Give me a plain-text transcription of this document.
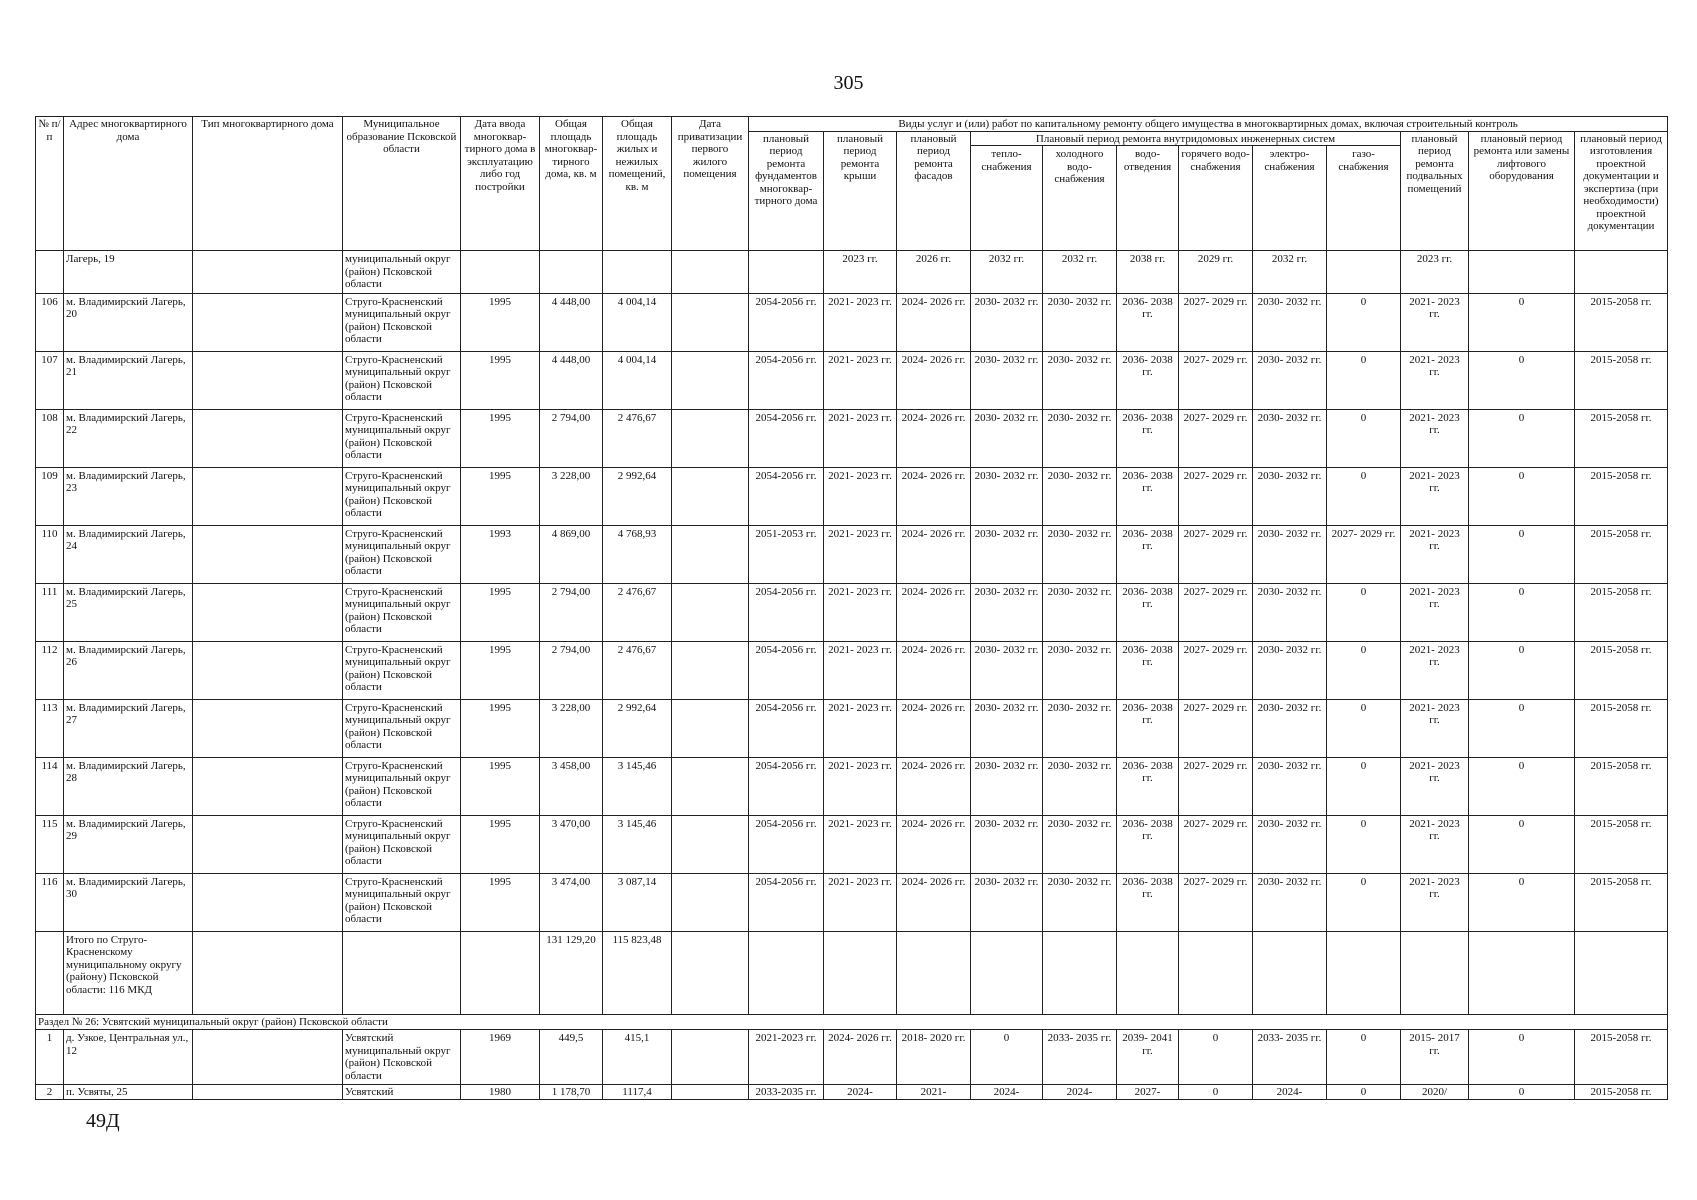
305
№ п/п	Адрес многоквартирного дома	Тип многоквартирного дома	Муниципальное образование Псковской области	Дата ввода многоквар- тирного дома в эксплуатацию либо год постройки	Общая площадь многоквар- тирного дома, кв. м	Общая площадь жилых и нежилых помещений, кв. м	Дата приватизации первого жилого помещения	Виды услуг и (или) работ по капитальному ремонту общего имущества в многоквартирных домах, включая строительный контроль											
								плановый период ремонта фундаментов многоквар- тирного дома	плановый период ремонта крыши	плановый период ремонта фасадов	Плановый период ремонта внутридомовых инженерных систем						плановый период ремонта подвальных помещений	плановый период ремонта или замены лифтового оборудования	плановый период изготовления проектной документации и экспертиза (при необходимости) проектной документации
											тепло- снабжения	холодного водо- снабжения	водо- отведения	горячего водо- снабжения	электро- снабжения	газо- снабжения			
	Лагерь, 19		муниципальный округ (район) Псковской области						2023 гг.	2026 гг.	2032 гг.	2032 гг.	2038 гг.	2029 гг.	2032 гг.		2023 гг.		
106	м. Владимирский Лагерь, 20		Струго-Красненский муниципальный округ (район) Псковской области	1995	4 448,00	4 004,14		2054-2056 гг.	2021- 2023 гг.	2024- 2026 гг.	2030- 2032 гг.	2030- 2032 гг.	2036- 2038 гг.	2027- 2029 гг.	2030- 2032 гг.	0	2021- 2023 гг.	0	2015-2058 гг.
107	м. Владимирский Лагерь, 21		Струго-Красненский муниципальный округ (район) Псковской области	1995	4 448,00	4 004,14		2054-2056 гг.	2021- 2023 гг.	2024- 2026 гг.	2030- 2032 гг.	2030- 2032 гг.	2036- 2038 гг.	2027- 2029 гг.	2030- 2032 гг.	0	2021- 2023 гг.	0	2015-2058 гг.
108	м. Владимирский Лагерь, 22		Струго-Красненский муниципальный округ (район) Псковской области	1995	2 794,00	2 476,67		2054-2056 гг.	2021- 2023 гг.	2024- 2026 гг.	2030- 2032 гг.	2030- 2032 гг.	2036- 2038 гг.	2027- 2029 гг.	2030- 2032 гг.	0	2021- 2023 гг.	0	2015-2058 гг.
109	м. Владимирский Лагерь, 23		Струго-Красненский муниципальный округ (район) Псковской области	1995	3 228,00	2 992,64		2054-2056 гг.	2021- 2023 гг.	2024- 2026 гг.	2030- 2032 гг.	2030- 2032 гг.	2036- 2038 гг.	2027- 2029 гг.	2030- 2032 гг.	0	2021- 2023 гг.	0	2015-2058 гг.
110	м. Владимирский Лагерь, 24		Струго-Красненский муниципальный округ (район) Псковской области	1993	4 869,00	4 768,93		2051-2053 гг.	2021- 2023 гг.	2024- 2026 гг.	2030- 2032 гг.	2030- 2032 гг.	2036- 2038 гг.	2027- 2029 гг.	2030- 2032 гг.	2027- 2029 гг.	2021- 2023 гг.	0	2015-2058 гг.
111	м. Владимирский Лагерь, 25		Струго-Красненский муниципальный округ (район) Псковской области	1995	2 794,00	2 476,67		2054-2056 гг.	2021- 2023 гг.	2024- 2026 гг.	2030- 2032 гг.	2030- 2032 гг.	2036- 2038 гг.	2027- 2029 гг.	2030- 2032 гг.	0	2021- 2023 гг.	0	2015-2058 гг.
112	м. Владимирский Лагерь, 26		Струго-Красненский муниципальный округ (район) Псковской области	1995	2 794,00	2 476,67		2054-2056 гг.	2021- 2023 гг.	2024- 2026 гг.	2030- 2032 гг.	2030- 2032 гг.	2036- 2038 гг.	2027- 2029 гг.	2030- 2032 гг.	0	2021- 2023 гг.	0	2015-2058 гг.
113	м. Владимирский Лагерь, 27		Струго-Красненский муниципальный округ (район) Псковской области	1995	3 228,00	2 992,64		2054-2056 гг.	2021- 2023 гг.	2024- 2026 гг.	2030- 2032 гг.	2030- 2032 гг.	2036- 2038 гг.	2027- 2029 гг.	2030- 2032 гг.	0	2021- 2023 гг.	0	2015-2058 гг.
114	м. Владимирский Лагерь, 28		Струго-Красненский муниципальный округ (район) Псковской области	1995	3 458,00	3 145,46		2054-2056 гг.	2021- 2023 гг.	2024- 2026 гг.	2030- 2032 гг.	2030- 2032 гг.	2036- 2038 гг.	2027- 2029 гг.	2030- 2032 гг.	0	2021- 2023 гг.	0	2015-2058 гг.
115	м. Владимирский Лагерь, 29		Струго-Красненский муниципальный округ (район) Псковской области	1995	3 470,00	3 145,46		2054-2056 гг.	2021- 2023 гг.	2024- 2026 гг.	2030- 2032 гг.	2030- 2032 гг.	2036- 2038 гг.	2027- 2029 гг.	2030- 2032 гг.	0	2021- 2023 гг.	0	2015-2058 гг.
116	м. Владимирский Лагерь, 30		Струго-Красненский муниципальный округ (район) Псковской области	1995	3 474,00	3 087,14		2054-2056 гг.	2021- 2023 гг.	2024- 2026 гг.	2030- 2032 гг.	2030- 2032 гг.	2036- 2038 гг.	2027- 2029 гг.	2030- 2032 гг.	0	2021- 2023 гг.	0	2015-2058 гг.
	Итого по Струго- Красненскому муниципальному округу (району) Псковской области: 116 МКД				131 129,20	115 823,48													
Раздел № 26: Усвятский муниципальный округ (район) Псковской области																			
1	д. Узкое, Центральная ул., 12		Усвятский муниципальный округ (район) Псковской области	1969	449,5	415,1		2021-2023 гг.	2024- 2026 гг.	2018- 2020 гг.	0	2033- 2035 гг.	2039- 2041 гг.	0	2033- 2035 гг.	0	2015- 2017 гг.	0	2015-2058 гг.
2	п. Усвяты, 25		Усвятский	1980	1 178,70	1117,4		2033-2035 гг.	2024-	2021-	2024-	2024-	2027-	0	2024-	0	2020/	0	2015-2058 гг.
49Д
